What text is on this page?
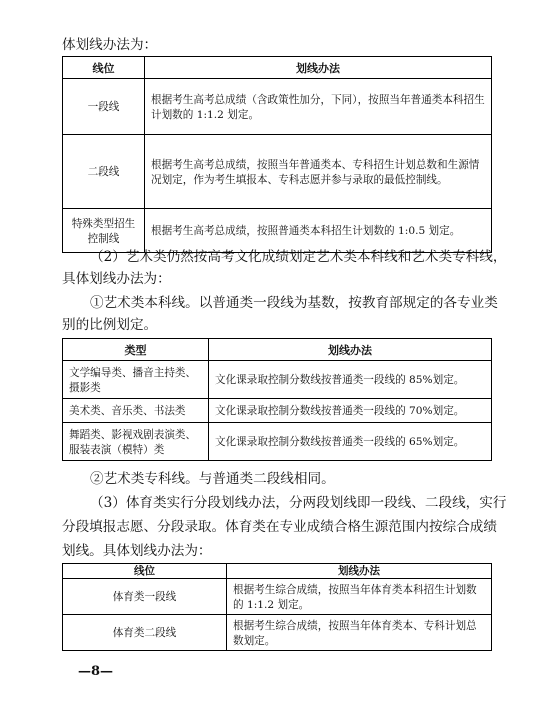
体划线办法为：
线位	划线办法
一段线	根据考生高考总成绩（含政策性加分，下同），按照当年普通类本科招生计划数的 1:1.2 划定。
二段线	根据考生高考总成绩，按照当年普通类本、专科招生计划总数和生源情况划定，作为考生填报本、专科志愿并参与录取的最低控制线。
特殊类型招生控制线	根据考生高考总成绩，按照普通类本科招生计划数的 1:0.5 划定。
（2）艺术类仍然按高考文化成绩划定艺术类本科线和艺术类专科线，
具体划线办法为：
①艺术类本科线。以普通类一段线为基数，按教育部规定的各专业类
别的比例划定。
类型	划线办法
文学编导类、播音主持类、摄影类	文化课录取控制分数线按普通类一段线的 85%划定。
美术类、音乐类、书法类	文化课录取控制分数线按普通类一段线的 70%划定。
舞蹈类、影视戏剧表演类、服装表演（模特）类	文化课录取控制分数线按普通类一段线的 65%划定。
②艺术类专科线。与普通类二段线相同。
（3）体育类实行分段划线办法，分两段划线即一段线、二段线，实行
分段填报志愿、分段录取。体育类在专业成绩合格生源范围内按综合成绩
划线。具体划线办法为：
线位	划线办法
体育类一段线	根据考生综合成绩，按照当年体育类本科招生计划数的 1:1.2 划定。
体育类二段线	根据考生综合成绩，按照当年体育类本、专科计划总数划定。
—8—
